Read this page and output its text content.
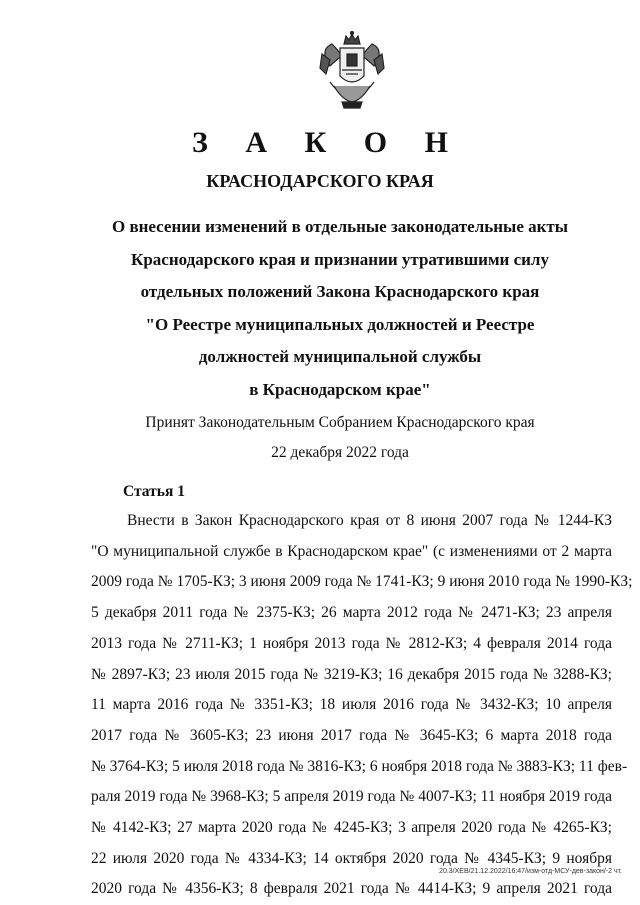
З А К О Н
КРАСНОДАРСКОГО КРАЯ
О внесении изменений в отдельные законодательные акты
Краснодарского края и признании утратившими силу
отдельных положений Закона Краснодарского края
"О Реестре муниципальных должностей и Реестре
должностей муниципальной службы
в Краснодарском крае"
Принят Законодательным Собранием Краснодарского края
22 декабря 2022 года
Статья 1
Внести в Закон Краснодарского края от 8 июня 2007 года № 1244-КЗ
"О муниципальной службе в Краснодарском крае" (с изменениями от 2 марта
2009 года № 1705-КЗ; 3 июня 2009 года № 1741-КЗ; 9 июня 2010 года № 1990-КЗ;
5 декабря 2011 года № 2375-КЗ; 26 марта 2012 года № 2471-КЗ; 23 апреля
2013 года № 2711-КЗ; 1 ноября 2013 года № 2812-КЗ; 4 февраля 2014 года
№ 2897-КЗ; 23 июля 2015 года № 3219-КЗ; 16 декабря 2015 года № 3288-КЗ;
11 марта 2016 года № 3351-КЗ; 18 июля 2016 года № 3432-КЗ; 10 апреля
2017 года № 3605-КЗ; 23 июня 2017 года № 3645-КЗ; 6 марта 2018 года
№ 3764-КЗ; 5 июля 2018 года № 3816-КЗ; 6 ноября 2018 года № 3883-КЗ; 11 фев-
раля 2019 года № 3968-КЗ; 5 апреля 2019 года № 4007-КЗ; 11 ноября 2019 года
№ 4142-КЗ; 27 марта 2020 года № 4245-КЗ; 3 апреля 2020 года № 4265-КЗ;
22 июля 2020 года № 4334-КЗ; 14 октября 2020 года № 4345-КЗ; 9 ноября
2020 года № 4356-КЗ; 8 февраля 2021 года № 4414-КЗ; 9 апреля 2021 года
20.3/ХЕВ/21.12.2022/16:47/изм-отд-МСУ-дев-закон/-2 чт.
